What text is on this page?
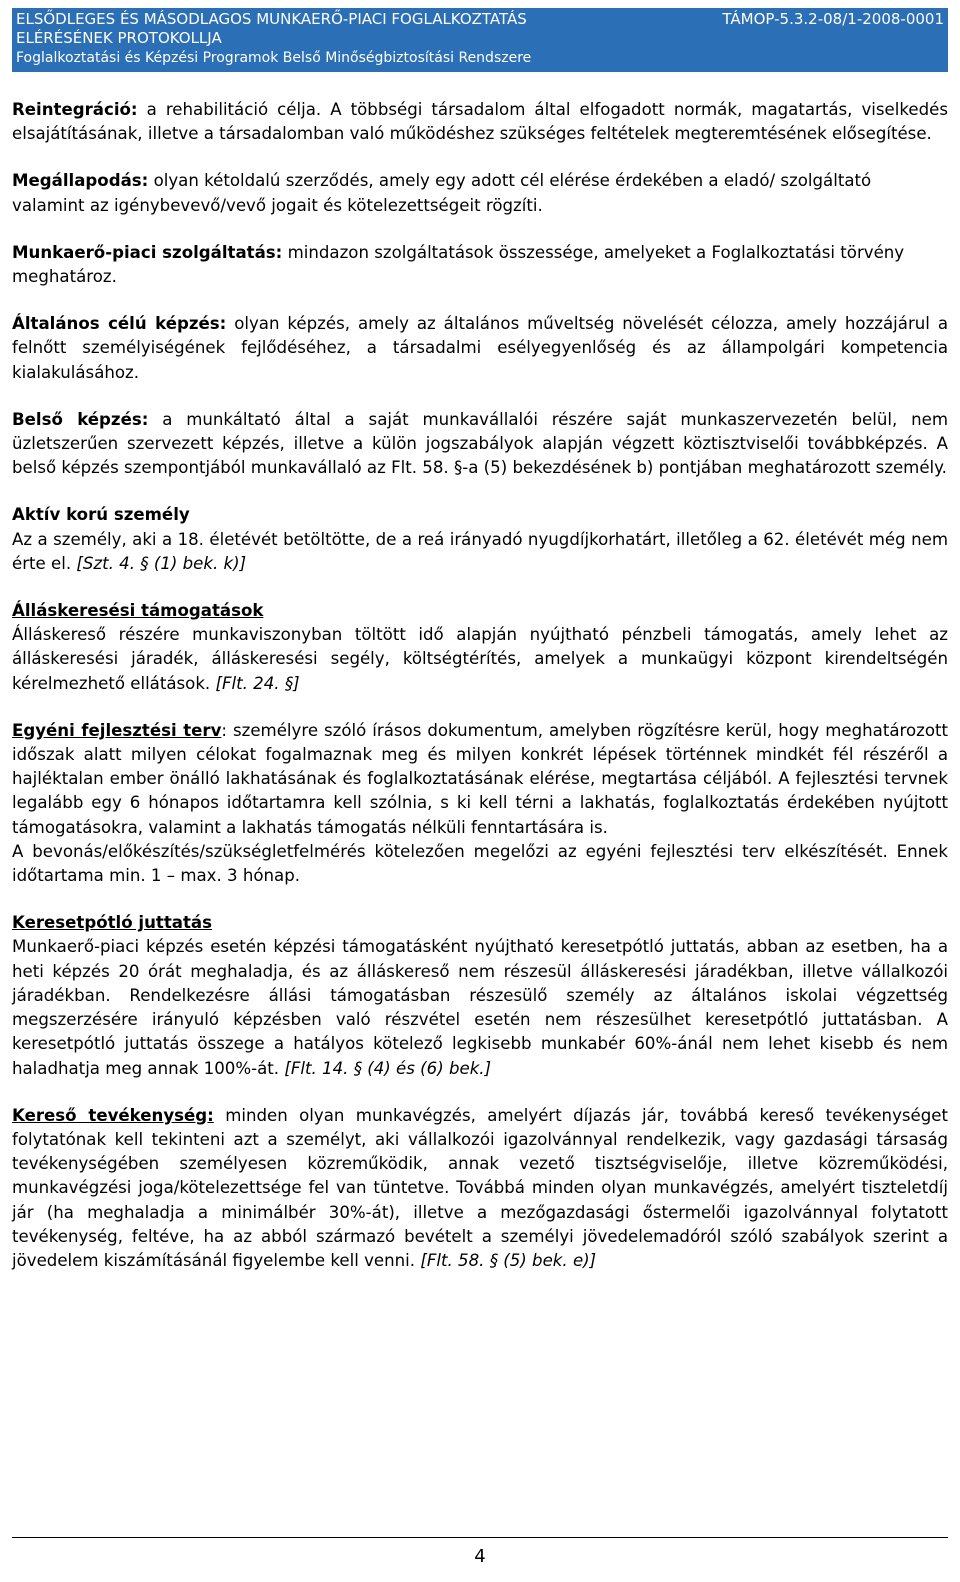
ELSŐDLEGES ÉS MÁSODLAGOS MUNKAERŐ-PIACI FOGLALKOZTATÁS	TÁMOP-5.3.2-08/1-2008-0001
ELÉRÉSÉNEK PROTOKOLLJA
Foglalkoztatási és Képzési Programok Belső Minőségbiztosítási Rendszere
Reintegráció: a rehabilitáció célja. A többségi társadalom által elfogadott normák, magatartás, viselkedés elsajátításának, illetve a társadalomban való működéshez szükséges feltételek megteremtésének elősegítése.
Megállapodás: olyan kétoldalú szerződés, amely egy adott cél elérése érdekében a eladó/ szolgáltató valamint az igénybevevő/vevő jogait és kötelezettségeit rögzíti.
Munkaerő-piaci szolgáltatás: mindazon szolgáltatások összessége, amelyeket a Foglalkoztatási törvény meghatároz.
Általános célú képzés: olyan képzés, amely az általános műveltség növelését célozza, amely hozzájárul a felnőtt személyiségének fejlődéséhez, a társadalmi esélyegyenlőség és az állampolgári kompetencia kialakulásához.
Belső képzés: a munkáltató által a saját munkavállalói részére saját munkaszervezetén belül, nem üzletszerűen szervezett képzés, illetve a külön jogszabályok alapján végzett köztisztviselői továbbképzés. A belső képzés szempontjából munkavállaló az Flt. 58. §-a (5) bekezdésének b) pontjában meghatározott személy.
Aktív korú személy
Az a személy, aki a 18. életévét betöltötte, de a reá irányadó nyugdíjkorhatárt, illetőleg a 62. életévét még nem érte el. [Szt. 4. § (1) bek. k)]
Álláskeresési támogatások
Álláskereső részére munkaviszonyban töltött idő alapján nyújtható pénzbeli támogatás, amely lehet az álláskeresési járadék, álláskeresési segély, költségtérítés, amelyek a munkaügyi központ kirendeltségén kérelmezhető ellátások. [Flt. 24. §]
Egyéni fejlesztési terv: személyre szóló írásos dokumentum, amelyben rögzítésre kerül, hogy meghatározott időszak alatt milyen célokat fogalmaznak meg és milyen konkrét lépések történnek mindkét fél részéről a hajléktalan ember önálló lakhatásának és foglalkoztatásának elérése, megtartása céljából. A fejlesztési tervnek legalább egy 6 hónapos időtartamra kell szólnia, s ki kell térni a lakhatás, foglalkoztatás érdekében nyújtott támogatásokra, valamint a lakhatás támogatás nélküli fenntartására is.
A bevonás/előkészítés/szükségletfelmérés kötelezően megelőzi az egyéni fejlesztési terv elkészítését. Ennek időtartama min. 1 – max. 3 hónap.
Keresetpótló juttatás
Munkaerő-piaci képzés esetén képzési támogatásként nyújtható keresetpótló juttatás, abban az esetben, ha a heti képzés 20 órát meghaladja, és az álláskereső nem részesül álláskeresési járadékban, illetve vállalkozói járadékban. Rendelkezésre állási támogatásban részesülő személy az általános iskolai végzettség megszerzésére irányuló képzésben való részvétel esetén nem részesülhet keresetpótló juttatásban. A keresetpótló juttatás összege a hatályos kötelező legkisebb munkabér 60%-ánál nem lehet kisebb és nem haladhatja meg annak 100%-át. [Flt. 14. § (4) és (6) bek.]
Kereső tevékenység: minden olyan munkavégzés, amelyért díjazás jár, továbbá kereső tevékenységet folytatónak kell tekinteni azt a személyt, aki vállalkozói igazolvánnyal rendelkezik, vagy gazdasági társaság tevékenységében személyesen közreműködik, annak vezető tisztségviselője, illetve közreműködési, munkavégzési joga/kötelezettsége fel van tüntetve. Továbbá minden olyan munkavégzés, amelyért tiszteletdíj jár (ha meghaladja a minimálbér 30%-át), illetve a mezőgazdasági őstermelői igazolvánnyal folytatott tevékenység, feltéve, ha az abból származó bevételt a személyi jövedelemadóról szóló szabályok szerint a jövedelem kiszámításánál figyelembe kell venni. [Flt. 58. § (5) bek. e)]
4
